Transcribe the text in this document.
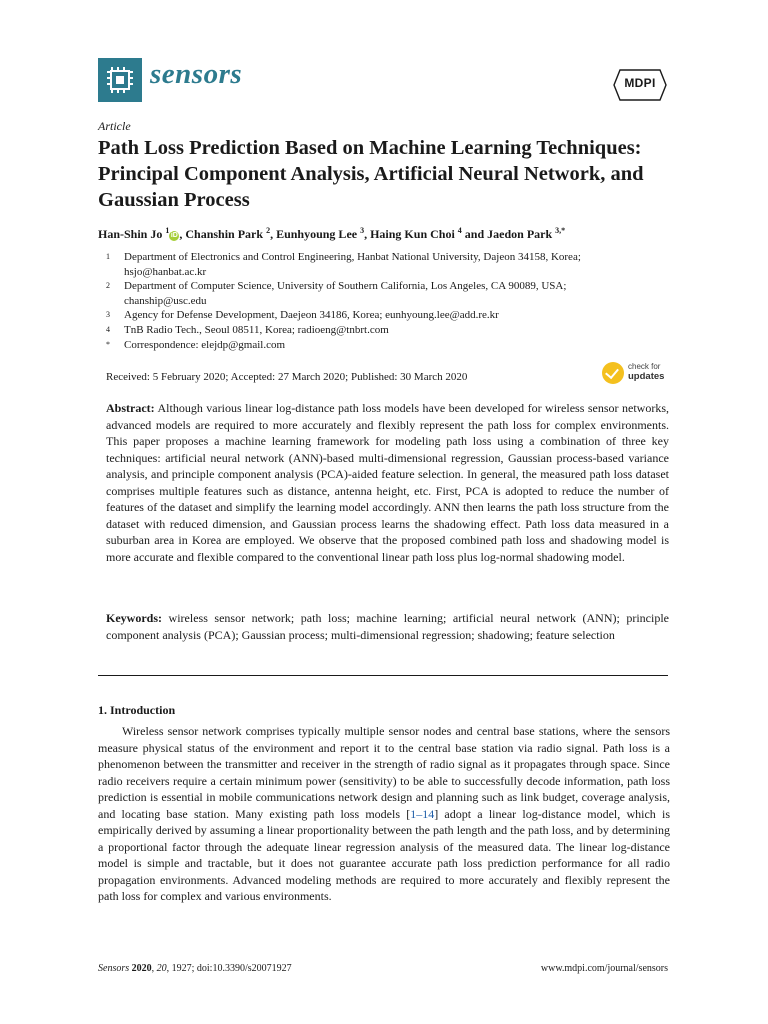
sensors	MDPI
Article
Path Loss Prediction Based on Machine Learning Techniques: Principal Component Analysis, Artificial Neural Network, and Gaussian Process
Han-Shin Jo $^1$iD , Chanshin Park $^2$, Eunhyoung Lee $^3$, Haing Kun Choi $^4$ and Jaedon Park $^{3,*}$
1 Department of Electronics and Control Engineering, Hanbat National University, Dajeon 34158, Korea;
hsjo@hanbat.ac.kr
2 Department of Computer Science, University of Southern California, Los Angeles, CA 90089, USA;
chanship@usc.edu
3 Agency for Defense Development, Daejeon 34186, Korea; eunhyoung.lee@add.re.kr
4 TnB Radio Tech., Seoul 08511, Korea; radioeng@tnbrt.com
* Correspondence: elejdp@gmail.com
Received: 5 February 2020; Accepted: 27 March 2020; Published: 30 March 2020
check for
updates

Abstract: Although various linear log-distance path loss models have been developed for wireless sensor networks, advanced models are required to more accurately and flexibly represent the path loss for complex environments. This paper proposes a machine learning framework for modeling path loss using a combination of three key techniques: artificial neural network (ANN)-based multi-dimensional regression, Gaussian process-based variance analysis, and principle component analysis (PCA)-aided feature selection. In general, the measured path loss dataset comprises multiple features such as distance, antenna height, etc. First, PCA is adopted to reduce the number of features of the dataset and simplify the learning model accordingly. ANN then learns the path loss structure from the dataset with reduced dimension, and Gaussian process learns the shadowing effect. Path loss data measured in a suburban area in Korea are employed. We observe that the proposed combined path loss and shadowing model is more accurate and flexible compared to the conventional linear path loss plus log-normal shadowing model.

Keywords: wireless sensor network; path loss; machine learning; artificial neural network (ANN); principle component analysis (PCA); Gaussian process; multi-dimensional regression; shadowing; feature selection

1. Introduction

Wireless sensor network comprises typically multiple sensor nodes and central base stations, where the sensors measure physical status of the environment and report it to the central base station via radio signal. Path loss is a phenomenon between the transmitter and receiver in the strength of radio signal as it propagates through space. Since radio receivers require a certain minimum power (sensitivity) to be able to successfully decode information, path loss prediction is essential in mobile communications network design and planning such as link budget, coverage analysis, and locating base station. Many existing path loss models [1–14] adopt a linear log-distance model, which is empirically derived by assuming a linear proportionality between the path length and the path loss, and by determining a proportional factor through the adequate linear regression analysis of the measured data. The linear log-distance model is simple and tractable, but it does not guarantee accurate path loss prediction performance for all radio propagation environments. Advanced modeling methods are required to more accurately and flexibly represent the path loss for complex and various environments.

Sensors 2020, 20, 1927; doi:10.3390/s20071927	www.mdpi.com/journal/sensors
